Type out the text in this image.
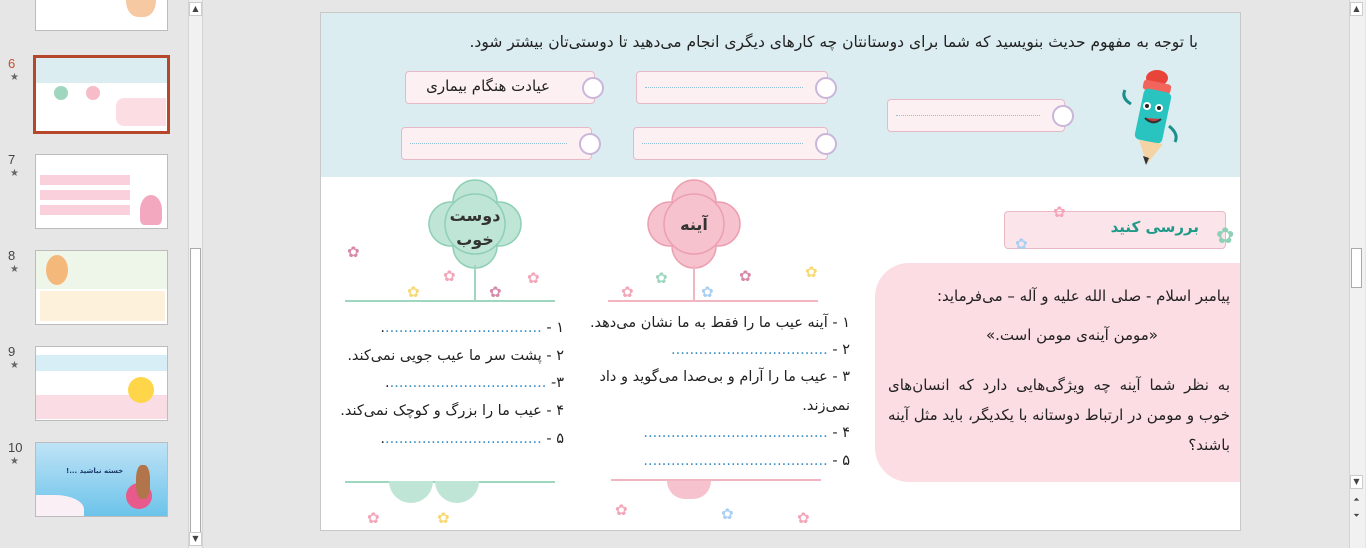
6
★
7
★
8
★
9
★
10
★
خسته نباشید ...!
▲
▼
با توجه به مفهوم حدیث بنویسید که شما برای دوستانتان چه کارهای دیگری انجام می‌دهید تا دوستی‌تان بیشتر شود.
عیادت هنگام بیماری
بررسی کنید ✿
✿
✿
پیامبر اسلام - صلی الله علیه و آله – می‌فرماید:
«مومن آینه‌ی مومن است.»
به نظر شما آینه چه ویژگی‌هایی دارد که انسان‌های خوب و مومن در ارتباط دوستانه با یکدیگر، باید مثل آینه باشند؟
آینه
دوست
خوب
✿
✿
✿
✿
✿
✿
✿
✿
✿	✿
۱ - آینه عیب ما را فقط به ما نشان می‌دهد.
۲ - ..................................
۳ - عیب ما را آرام و بی‌صدا می‌گوید و داد
نمی‌زند.
۴ - ........................................
۵ - ........................................
۱ - ...................................
۲ - پشت سر ما عیب جویی نمی‌کند.
۳- ...................................
۴ - عیب ما را بزرگ و کوچک نمی‌کند.
۵ - ...................................
✿	✿	✿	✿	✿
▲
▼
⏶
⏷
